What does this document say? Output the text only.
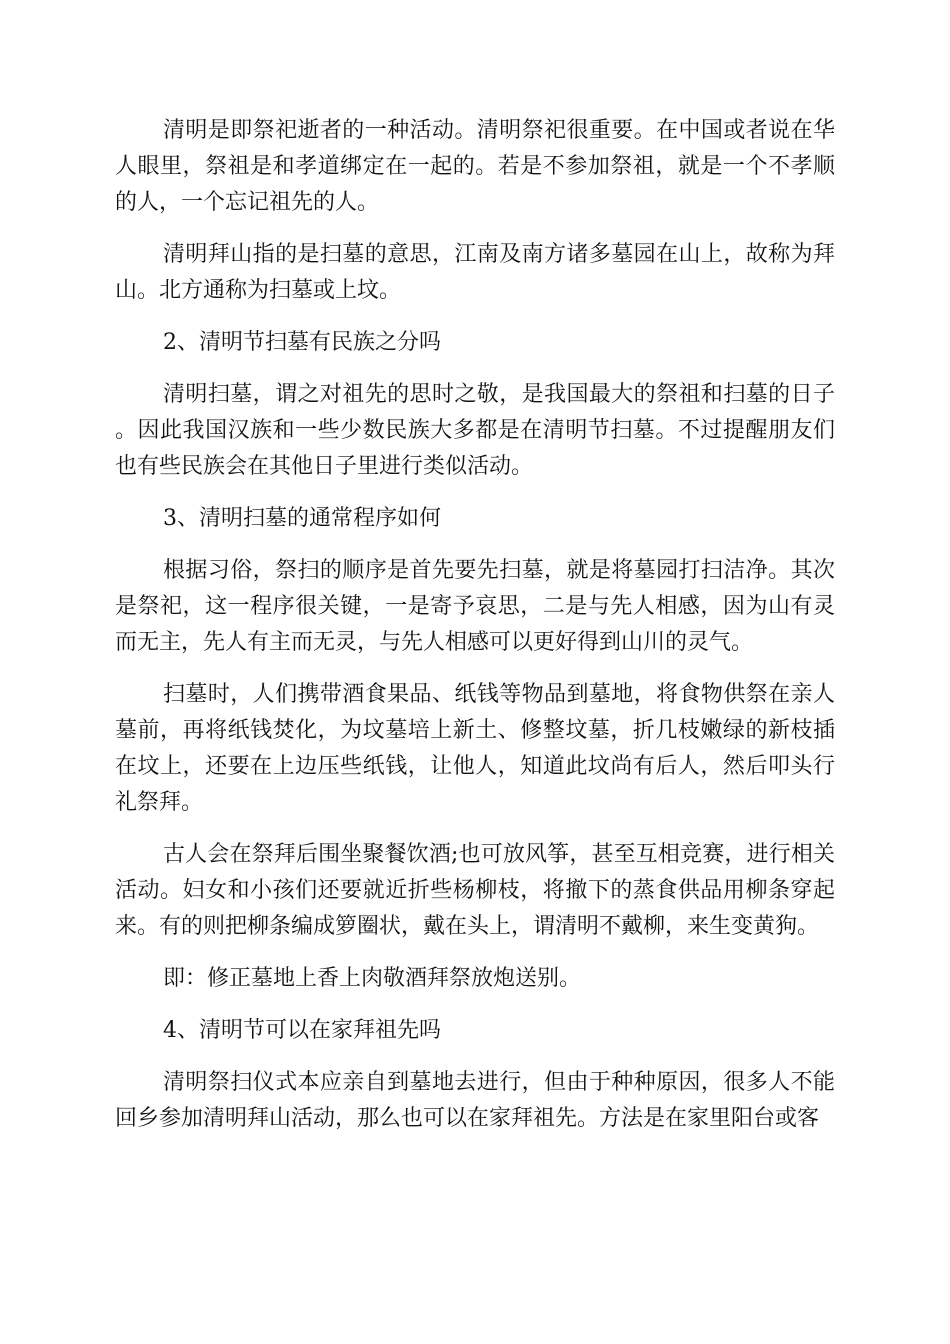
清明是即祭祀逝者的一种活动。清明祭祀很重要。在中国或者说在华人眼里，祭祖是和孝道绑定在一起的。若是不参加祭祖，就是一个不孝顺的人，一个忘记祖先的人。

清明拜山指的是扫墓的意思，江南及南方诸多墓园在山上，故称为拜山。北方通称为扫墓或上坟。

2、清明节扫墓有民族之分吗

清明扫墓，谓之对祖先的思时之敬，是我国最大的祭祖和扫墓的日子。因此我国汉族和一些少数民族大多都是在清明节扫墓。不过提醒朋友们也有些民族会在其他日子里进行类似活动。

3、清明扫墓的通常程序如何

根据习俗，祭扫的顺序是首先要先扫墓，就是将墓园打扫洁净。其次是祭祀，这一程序很关键，一是寄予哀思，二是与先人相感，因为山有灵而无主，先人有主而无灵，与先人相感可以更好得到山川的灵气。

扫墓时，人们携带酒食果品、纸钱等物品到墓地，将食物供祭在亲人墓前，再将纸钱焚化，为坟墓培上新土、修整坟墓，折几枝嫩绿的新枝插在坟上，还要在上边压些纸钱，让他人，知道此坟尚有后人，然后叩头行礼祭拜。

古人会在祭拜后围坐聚餐饮酒;也可放风筝，甚至互相竞赛，进行相关活动。妇女和小孩们还要就近折些杨柳枝，将撤下的蒸食供品用柳条穿起来。有的则把柳条编成箩圈状，戴在头上，谓清明不戴柳，来生变黄狗。

即：修正墓地上香上肉敬酒拜祭放炮送别。

4、清明节可以在家拜祖先吗

清明祭扫仪式本应亲自到墓地去进行，但由于种种原因，很多人不能回乡参加清明拜山活动，那么也可以在家拜祖先。方法是在家里阳台或客
